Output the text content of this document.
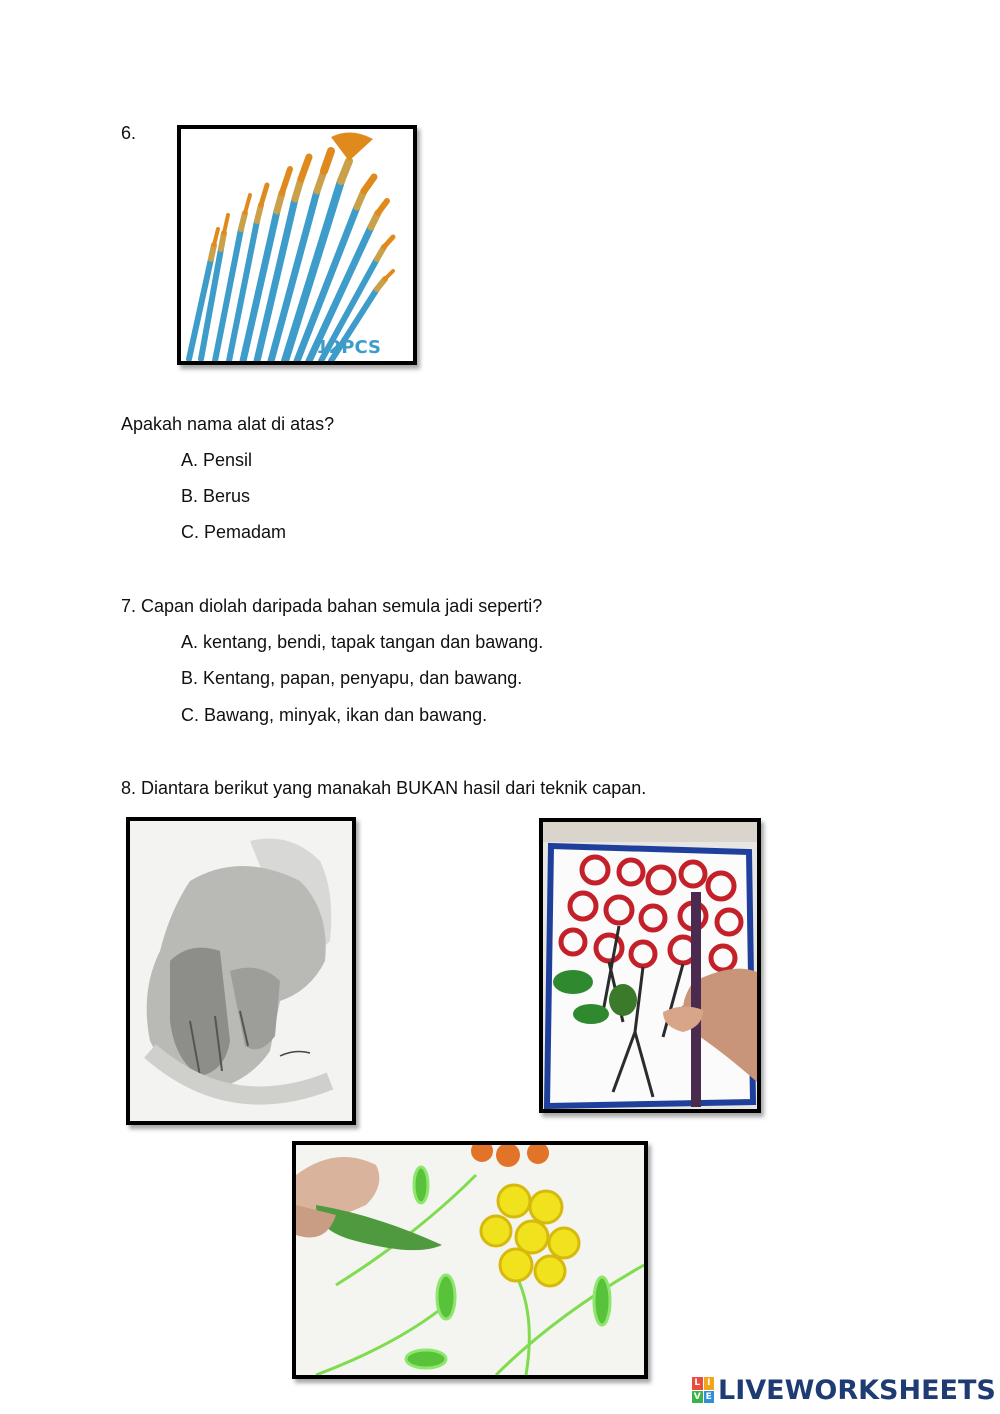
6.
12PCS
Apakah nama alat di atas?
A. Pensil
B. Berus
C. Pemadam
7. Capan diolah daripada bahan semula jadi seperti?
A. kentang, bendi, tapak tangan dan bawang.
B. Kentang, papan, penyapu, dan bawang.
C. Bawang, minyak, ikan dan bawang.
8. Diantara berikut yang manakah BUKAN hasil dari teknik capan.
L I
V E LIVEWORKSHEETS
